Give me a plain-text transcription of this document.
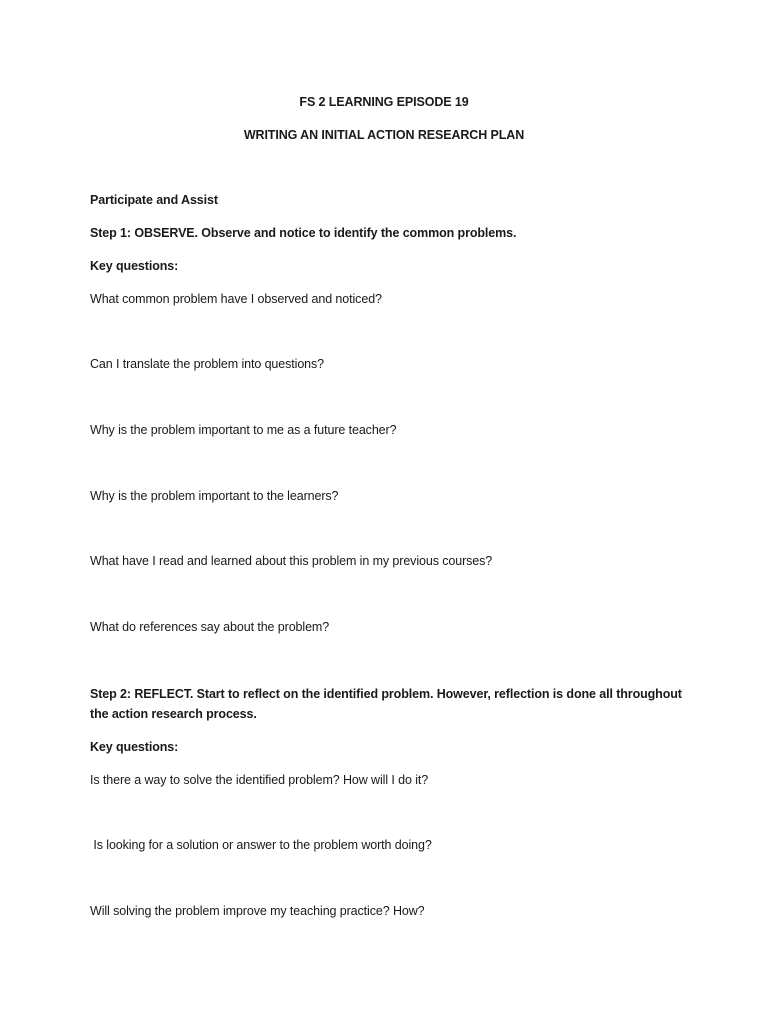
FS 2 LEARNING EPISODE 19
WRITING AN INITIAL ACTION RESEARCH PLAN
Participate and Assist
Step 1: OBSERVE. Observe and notice to identify the common problems.
Key questions:
What common problem have I observed and noticed?
Can I translate the problem into questions?
Why is the problem important to me as a future teacher?
Why is the problem important to the learners?
What have I read and learned about this problem in my previous courses?
What do references say about the problem?
Step 2: REFLECT. Start to reflect on the identified problem. However, reflection is done all throughout
the action research process.
Key questions:
Is there a way to solve the identified problem? How will I do it?
Is looking for a solution or answer to the problem worth doing?
Will solving the problem improve my teaching practice? How?
